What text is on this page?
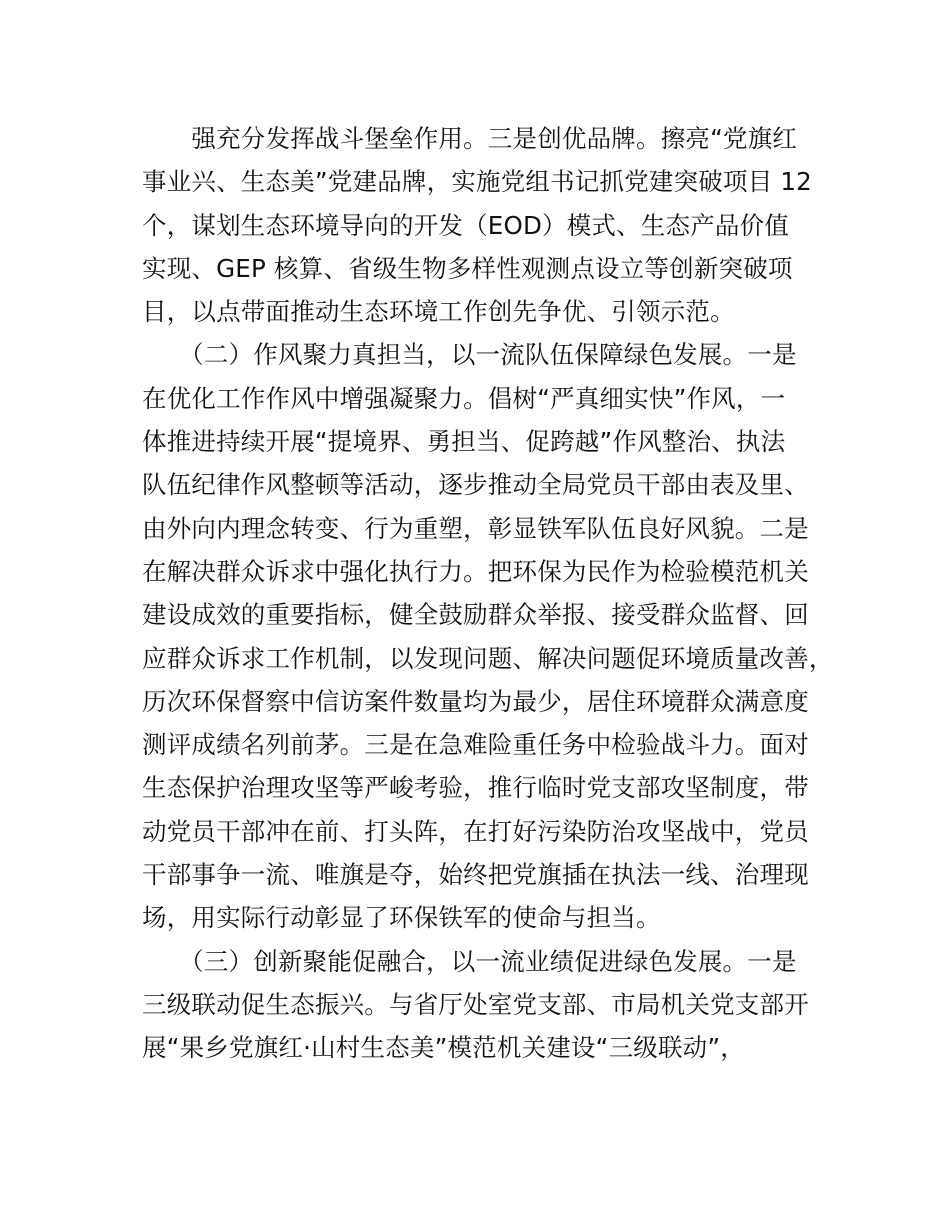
　　强充分发挥战斗堡垒作用。三是创优品牌。擦亮“党旗红
事业兴、生态美”党建品牌，实施党组书记抓党建突破项目 12
个，谋划生态环境导向的开发（EOD）模式、生态产品价值
实现、GEP 核算、省级生物多样性观测点设立等创新突破项
目，以点带面推动生态环境工作创先争优、引领示范。
　　（二）作风聚力真担当，以一流队伍保障绿色发展。一是
在优化工作作风中增强凝聚力。倡树“严真细实快”作风，一
体推进持续开展“提境界、勇担当、促跨越”作风整治、执法
队伍纪律作风整顿等活动，逐步推动全局党员干部由表及里、
由外向内理念转变、行为重塑，彰显铁军队伍良好风貌。二是
在解决群众诉求中强化执行力。把环保为民作为检验模范机关
建设成效的重要指标，健全鼓励群众举报、接受群众监督、回
应群众诉求工作机制，以发现问题、解决问题促环境质量改善，
历次环保督察中信访案件数量均为最少，居住环境群众满意度
测评成绩名列前茅。三是在急难险重任务中检验战斗力。面对
生态保护治理攻坚等严峻考验，推行临时党支部攻坚制度，带
动党员干部冲在前、打头阵，在打好污染防治攻坚战中，党员
干部事争一流、唯旗是夺，始终把党旗插在执法一线、治理现
场，用实际行动彰显了环保铁军的使命与担当。
　　（三）创新聚能促融合，以一流业绩促进绿色发展。一是
三级联动促生态振兴。与省厅处室党支部、市局机关党支部开
展“果乡党旗红·山村生态美”模范机关建设“三级联动”，
